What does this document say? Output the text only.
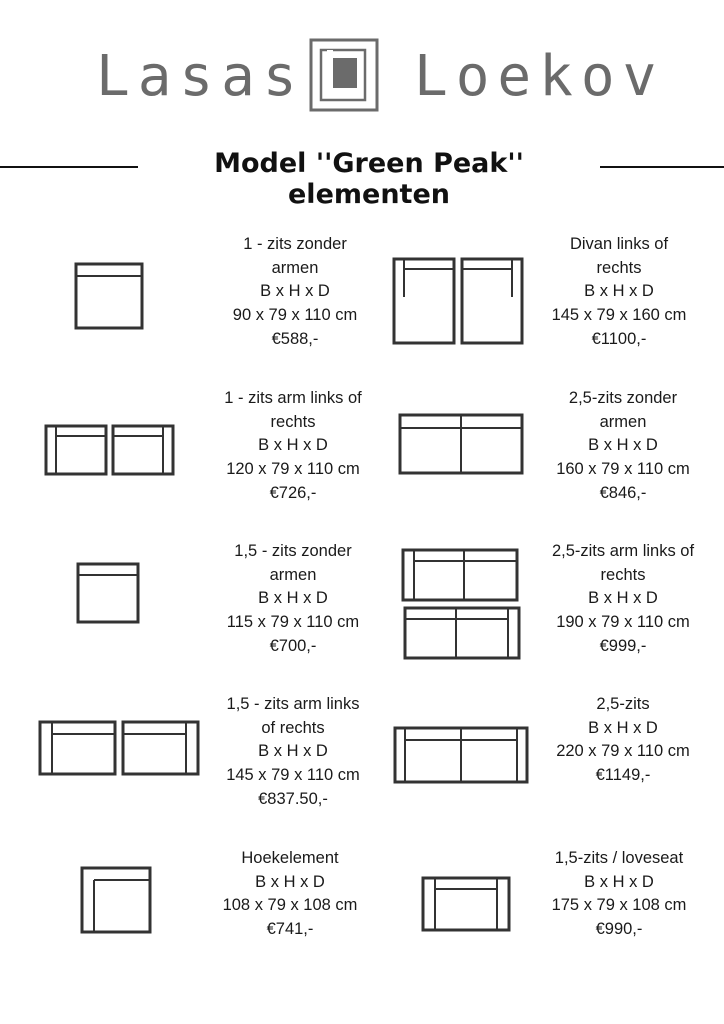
Lasas Loekov
Model ''Green Peak'' elementen
1 - zits zonder
armen
B x H x D
90 x 79 x 110 cm
€588,-
Divan links of
rechts
B x H x D
145 x 79 x 160 cm
€1100,-
1 - zits arm links of
rechts
B x H x D
120 x 79 x 110 cm
€726,-
2,5-zits zonder
armen
B x H x D
160 x 79 x 110 cm
€846,-
1,5 - zits zonder
armen
B x H x D
115 x 79 x 110 cm
€700,-
2,5-zits arm links of
rechts
B x H x D
190 x 79 x 110 cm
€999,-
1,5 - zits arm links
of rechts
B x H x D
145 x 79 x 110 cm
€837.50,-
2,5-zits
B x H x D
220 x 79 x 110 cm
€1149,-
Hoekelement
B x H x D
108 x 79 x 108 cm
€741,-
1,5-zits / loveseat
B x H x D
175 x 79 x 108 cm
€990,-
